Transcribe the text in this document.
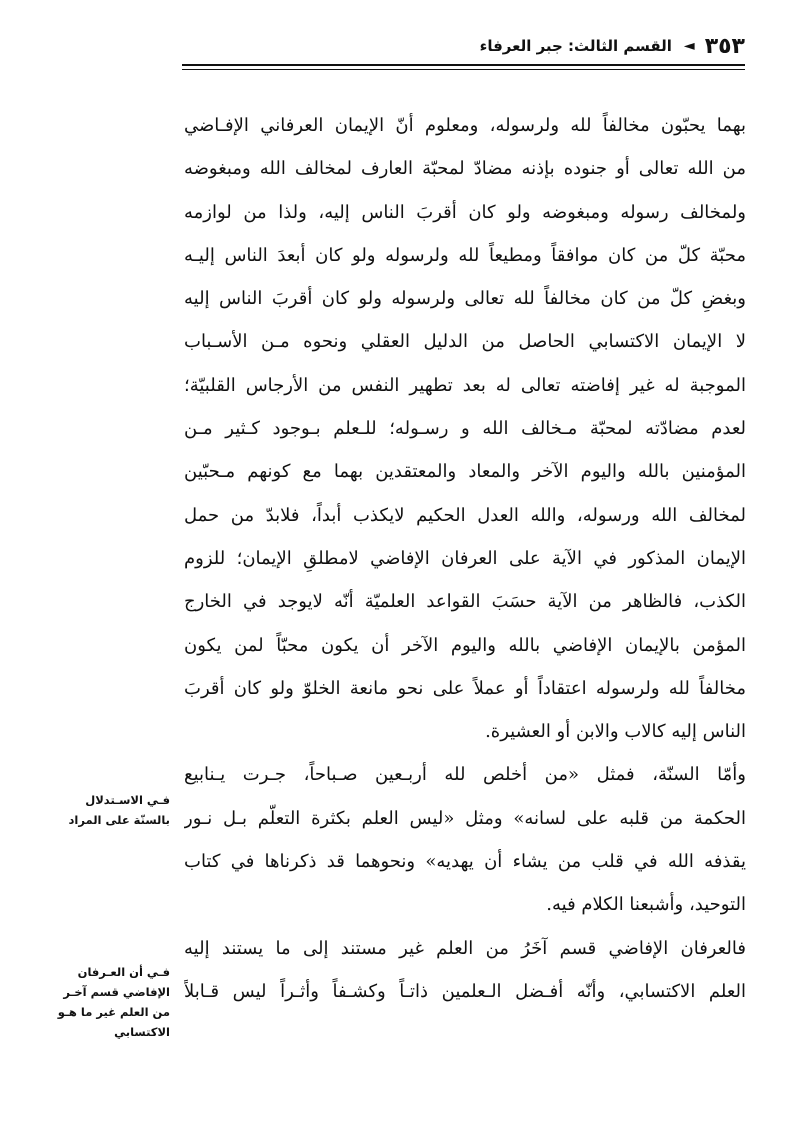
٣٥٣
◄
القسم الثالث: جبر العرفاء
بهما يحبّون مخالفاً لله ولرسوله، ومعلوم أنّ الإيمان العرفاني الإفـاضي
من الله تعالى أو جنوده بإذنه مضادّ لمحبّة العارف لمخالف الله ومبغوضه
ولمخالف رسوله ومبغوضه ولو كان أقربَ الناس إليه، ولذا من لوازمه
محبّة كلّ من كان موافقاً ومطيعاً لله ولرسوله ولو كان أبعدَ الناس إليـه
وبغضِ كلّ من كان مخالفاً لله تعالى ولرسوله ولو كان أقربَ الناس إليه
لا الإيمان الاكتسابي الحاصل من الدليل العقلي ونحوه مـن الأسـباب
الموجبة له غير إفاضته تعالى له بعد تطهير النفس من الأرجاس القلبيّة؛
لعدم مضادّته لمحبّة مـخالف الله و رسـوله؛ للـعلم بـوجود كـثير مـن
المؤمنين بالله واليوم الآخر والمعاد والمعتقدين بهما مع كونهم مـحبّين
لمخالف الله ورسوله، والله العدل الحكيم لايكذب أبداً، فلابدّ من حمل
الإيمان المذكور في الآية على العرفان الإفاضي لامطلقِ الإيمان؛ للزوم
الكذب، فالظاهر من الآية حسَبَ القواعد العلميّة أنّه لايوجد في الخارج
المؤمن بالإيمان الإفاضي بالله واليوم الآخر أن يكون محبّاً لمن يكون
مخالفاً لله ولرسوله اعتقاداً أو عملاً على نحو مانعة الخلوّ ولو كان أقربَ
الناس إليه كالاب والابن أو العشيرة.
وأمّا السنّة، فمثل «من أخلص لله أربـعين صـباحاً، جـرت يـنابيع
الحكمة من قلبه على لسانه» ومثل «ليس العلم بكثرة التعلّم بـل نـور
يقذفه الله في قلب من يشاء أن يهديه» ونحوهما قد ذكرناها في كتاب
التوحيد، وأشبعنا الكلام فيه.
فالعرفان الإفاضي قسم آخَرُ من العلم غير مستند إلى ما يستند إليه
العلم الاكتسابي، وأنّه أفـضل الـعلمين ذاتـاً وكشـفاً وأثـراً ليس قـابلاً
فـي الاسـتدلال
بالسنّة على المراد
فـي أن العـرفان
الإفاضي قسم آخـر
من العلم غير ما هـو
الاكتسابي
